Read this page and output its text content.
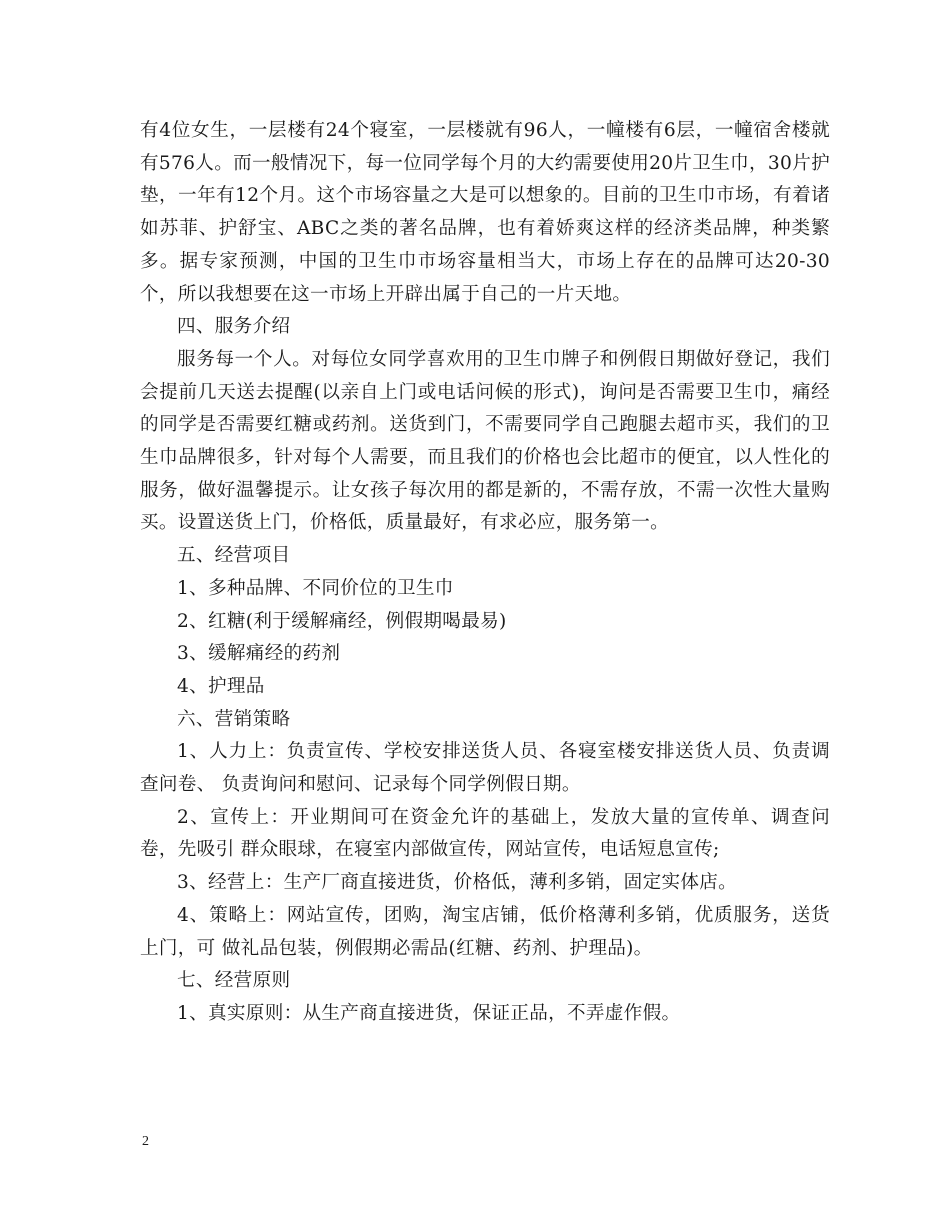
有4位女生，一层楼有24个寝室，一层楼就有96人，一幢楼有6层，一幢宿舍楼就有576人。而一般情况下，每一位同学每个月的大约需要使用20片卫生巾，30片护垫，一年有12个月。这个市场容量之大是可以想象的。目前的卫生巾市场，有着诸如苏菲、护舒宝、ABC之类的著名品牌，也有着娇爽这样的经济类品牌，种类繁多。据专家预测，中国的卫生巾市场容量相当大，市场上存在的品牌可达20-30个，所以我想要在这一市场上开辟出属于自己的一片天地。

四、服务介绍

服务每一个人。对每位女同学喜欢用的卫生巾牌子和例假日期做好登记，我们会提前几天送去提醒(以亲自上门或电话问候的形式)，询问是否需要卫生巾，痛经的同学是否需要红糖或药剂。送货到门，不需要同学自己跑腿去超市买，我们的卫生巾品牌很多，针对每个人需要，而且我们的价格也会比超市的便宜，以人性化的服务，做好温馨提示。让女孩子每次用的都是新的，不需存放，不需一次性大量购买。设置送货上门，价格低，质量最好，有求必应，服务第一。

五、经营项目

1、多种品牌、不同价位的卫生巾

2、红糖(利于缓解痛经，例假期喝最易)

3、缓解痛经的药剂

4、护理品

六、营销策略

1、人力上：负责宣传、学校安排送货人员、各寝室楼安排送货人员、负责调查问卷、 负责询问和慰问、记录每个同学例假日期。

2、宣传上：开业期间可在资金允许的基础上，发放大量的宣传单、调查问卷，先吸引 群众眼球，在寝室内部做宣传，网站宣传，电话短息宣传;

3、经营上：生产厂商直接进货，价格低，薄利多销，固定实体店。

4、策略上：网站宣传，团购，淘宝店铺，低价格薄利多销，优质服务，送货上门，可 做礼品包装，例假期必需品(红糖、药剂、护理品)。

七、经营原则

1、真实原则：从生产商直接进货，保证正品，不弄虚作假。

2
